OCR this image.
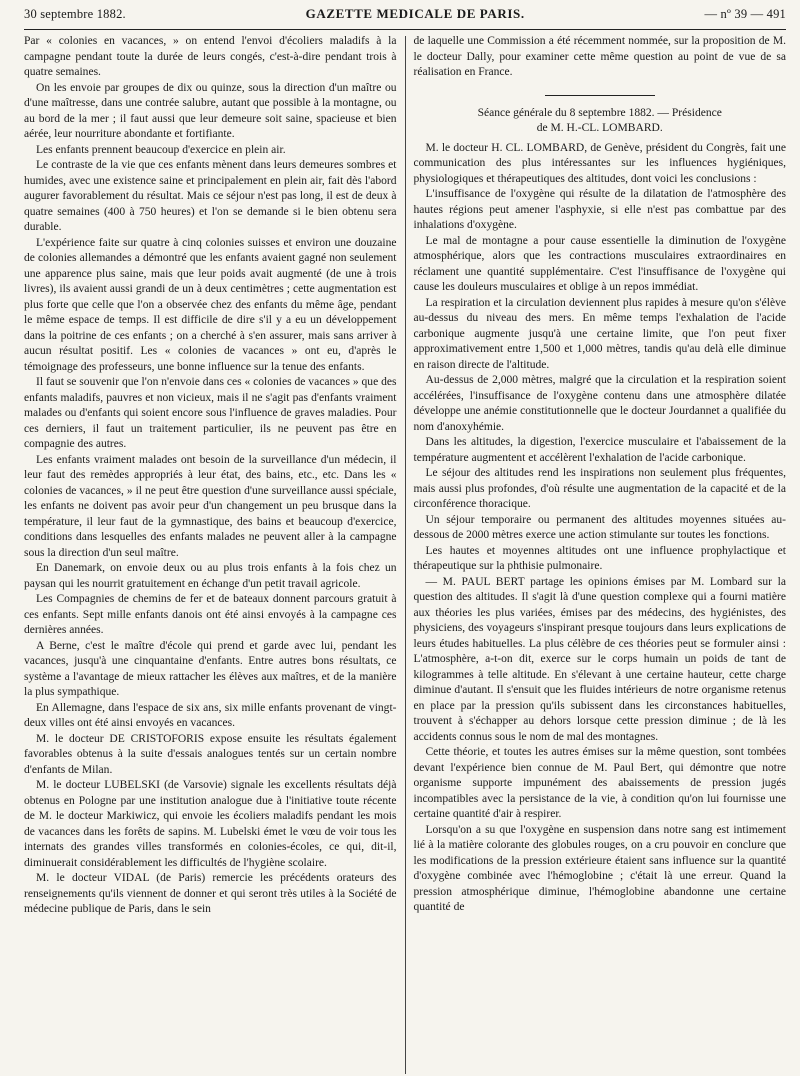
30 septembre 1882.	GAZETTE MEDICALE DE PARIS.	— nº 39 — 491

Par « colonies en vacances, » on entend l'envoi d'écoliers maladifs à la campagne pendant toute la durée de leurs congés, c'est-à-dire pendant trois à quatre semaines.

On les envoie par groupes de dix ou quinze, sous la direction d'un maître ou d'une maîtresse, dans une contrée salubre, autant que possible à la montagne, ou au bord de la mer ; il faut aussi que leur demeure soit saine, spacieuse et bien aérée, leur nourriture abondante et fortifiante.

Les enfants prennent beaucoup d'exercice en plein air.

Le contraste de la vie que ces enfants mènent dans leurs demeures sombres et humides, avec une existence saine et principalement en plein air, fait dès l'abord augurer favorablement du résultat. Mais ce séjour n'est pas long, il est de deux à quatre semaines (400 à 750 heures) et l'on se demande si le bien obtenu sera durable.

L'expérience faite sur quatre à cinq colonies suisses et environ une douzaine de colonies allemandes a démontré que les enfants avaient gagné non seulement une apparence plus saine, mais que leur poids avait augmenté (de une à trois livres), ils avaient aussi grandi de un à deux centimètres ; cette augmentation est plus forte que celle que l'on a observée chez des enfants du même âge, pendant le même espace de temps. Il est difficile de dire s'il y a eu un développement dans la poitrine de ces enfants ; on a cherché à s'en assurer, mais sans arriver à aucun résultat positif. Les « colonies de vacances » ont eu, d'après le témoignage des professeurs, une bonne influence sur la tenue des enfants.

Il faut se souvenir que l'on n'envoie dans ces « colonies de vacances » que des enfants maladifs, pauvres et non vicieux, mais il ne s'agit pas d'enfants vraiment malades ou d'enfants qui soient encore sous l'influence de graves maladies. Pour ces derniers, il faut un traitement particulier, ils ne peuvent pas être en compagnie des autres.

Les enfants vraiment malades ont besoin de la surveillance d'un médecin, il leur faut des remèdes appropriés à leur état, des bains, etc., etc. Dans les « colonies de vacances, » il ne peut être question d'une surveillance aussi spéciale, les enfants ne doivent pas avoir peur d'un changement un peu brusque dans la température, il leur faut de la gymnastique, des bains et beaucoup d'exercice, conditions dans lesquelles des enfants malades ne peuvent aller à la campagne sous la direction d'un seul maître.

En Danemark, on envoie deux ou au plus trois enfants à la fois chez un paysan qui les nourrit gratuitement en échange d'un petit travail agricole.

Les Compagnies de chemins de fer et de bateaux donnent parcours gratuit à ces enfants. Sept mille enfants danois ont été ainsi envoyés à la campagne ces dernières années.

A Berne, c'est le maître d'école qui prend et garde avec lui, pendant les vacances, jusqu'à une cinquantaine d'enfants. Entre autres bons résultats, ce système a l'avantage de mieux rattacher les élèves aux maîtres, et de la manière la plus sympathique.

En Allemagne, dans l'espace de six ans, six mille enfants provenant de vingt-deux villes ont été ainsi envoyés en vacances.

M. le docteur DE CRISTOFORIS expose ensuite les résultats également favorables obtenus à la suite d'essais analogues tentés sur un certain nombre d'enfants de Milan.

M. le docteur LUBELSKI (de Varsovie) signale les excellents résultats déjà obtenus en Pologne par une institution analogue due à l'initiative toute récente de M. le docteur Markiwicz, qui envoie les écoliers maladifs pendant les mois de vacances dans les forêts de sapins. M. Lubelski émet le vœu de voir tous les internats des grandes villes transformés en colonies-écoles, ce qui, dit-il, diminuerait considérablement les difficultés de l'hygiène scolaire.

M. le docteur VIDAL (de Paris) remercie les précédents orateurs des renseignements qu'ils viennent de donner et qui seront très utiles à la Société de médecine publique de Paris, dans le sein

de laquelle une Commission a été récemment nommée, sur la proposition de M. le docteur Dally, pour examiner cette même question au point de vue de sa réalisation en France.

Séance générale du 8 septembre 1882. — Présidence
de M. H.-CL. LOMBARD.

M. le docteur H. CL. LOMBARD, de Genève, président du Congrès, fait une communication des plus intéressantes sur les influences hygiéniques, physiologiques et thérapeutiques des altitudes, dont voici les conclusions :

L'insuffisance de l'oxygène qui résulte de la dilatation de l'atmosphère des hautes régions peut amener l'asphyxie, si elle n'est pas combattue par des inhalations d'oxygène.

Le mal de montagne a pour cause essentielle la diminution de l'oxygène atmosphérique, alors que les contractions musculaires extraordinaires en réclament une quantité supplémentaire. C'est l'insuffisance de l'oxygène qui cause les douleurs musculaires et oblige à un repos immédiat.

La respiration et la circulation deviennent plus rapides à mesure qu'on s'élève au-dessus du niveau des mers. En même temps l'exhalation de l'acide carbonique augmente jusqu'à une certaine limite, que l'on peut fixer approximativement entre 1,500 et 1,000 mètres, tandis qu'au delà elle diminue en raison directe de l'altitude.

Au-dessus de 2,000 mètres, malgré que la circulation et la respiration soient accélérées, l'insuffisance de l'oxygène contenu dans une atmosphère dilatée développe une anémie constitutionnelle que le docteur Jourdannet a qualifiée du nom d'anoxyhémie.

Dans les altitudes, la digestion, l'exercice musculaire et l'abaissement de la température augmentent et accélèrent l'exhalation de l'acide carbonique.

Le séjour des altitudes rend les inspirations non seulement plus fréquentes, mais aussi plus profondes, d'où résulte une augmentation de la capacité et de la circonférence thoracique.

Un séjour temporaire ou permanent des altitudes moyennes situées au-dessous de 2000 mètres exerce une action stimulante sur toutes les fonctions.

Les hautes et moyennes altitudes ont une influence prophylactique et thérapeutique sur la phthisie pulmonaire.

— M. PAUL BERT partage les opinions émises par M. Lombard sur la question des altitudes. Il s'agit là d'une question complexe qui a fourni matière aux théories les plus variées, émises par des médecins, des hygiénistes, des physiciens, des voyageurs s'inspirant presque toujours dans leurs explications de leurs études habituelles. La plus célèbre de ces théories peut se formuler ainsi : L'atmosphère, a-t-on dit, exerce sur le corps humain un poids de tant de kilogrammes à telle altitude. En s'élevant à une certaine hauteur, cette charge diminue d'autant. Il s'ensuit que les fluides intérieurs de notre organisme retenus en place par la pression qu'ils subissent dans les circonstances habituelles, trouvent à s'échapper au dehors lorsque cette pression diminue ; de là les accidents connus sous le nom de mal des montagnes.

Cette théorie, et toutes les autres émises sur la même question, sont tombées devant l'expérience bien connue de M. Paul Bert, qui démontre que notre organisme supporte impunément des abaissements de pression jugés incompatibles avec la persistance de la vie, à condition qu'on lui fournisse une certaine quantité d'air à respirer.

Lorsqu'on a su que l'oxygène en suspension dans notre sang est intimement lié à la matière colorante des globules rouges, on a cru pouvoir en conclure que les modifications de la pression extérieure étaient sans influence sur la quantité d'oxygène combinée avec l'hémoglobine ; c'était là une erreur. Quand la pression atmosphérique diminue, l'hémoglobine abandonne une certaine quantité de
